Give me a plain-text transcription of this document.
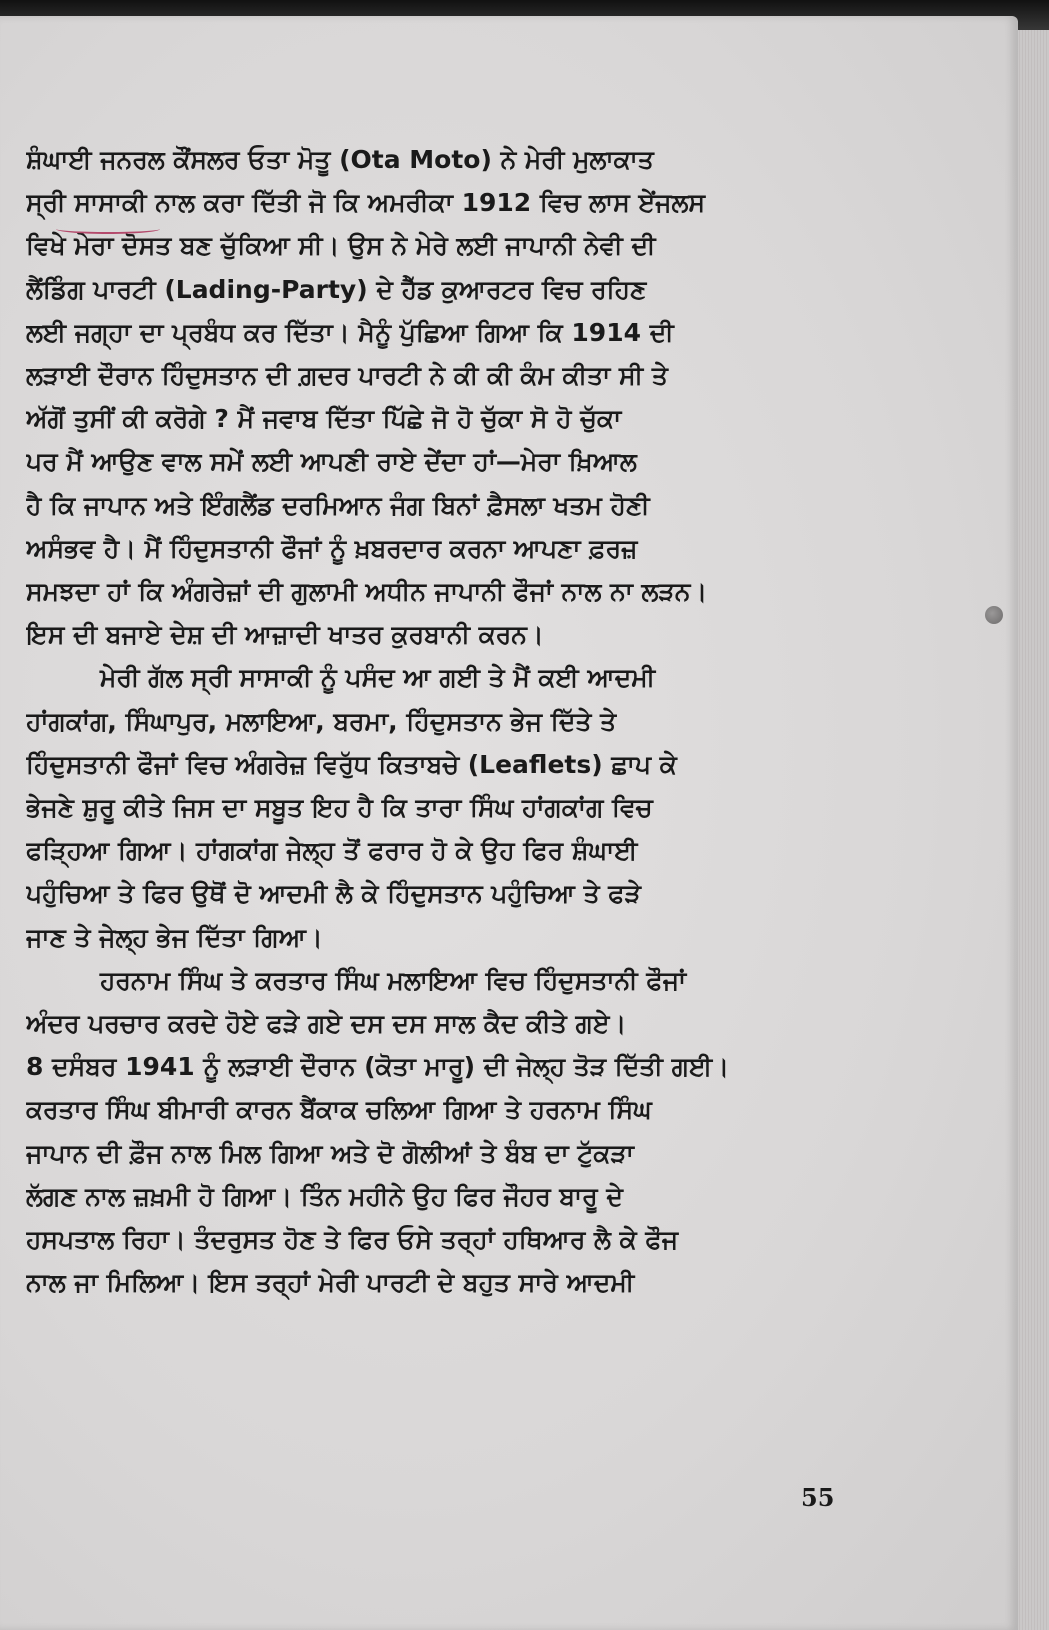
ਸ਼ੰਘਾਈ ਜਨਰਲ ਕੌਂਸਲਰ ਓਤਾ ਮੋਤੂ (Ota Moto) ਨੇ ਮੇਰੀ ਮੁਲਾਕਾਤ
ਸ੍ਰੀ ਸਾਸਾਕੀ ਨਾਲ ਕਰਾ ਦਿੱਤੀ ਜੋ ਕਿ ਅਮਰੀਕਾ 1912 ਵਿਚ ਲਾਸ ਏਂਜਲਸ
ਵਿਖੇ ਮੇਰਾ ਦੋਸਤ ਬਣ ਚੁੱਕਿਆ ਸੀ। ਉਸ ਨੇ ਮੇਰੇ ਲਈ ਜਾਪਾਨੀ ਨੇਵੀ ਦੀ
ਲੈਂਡਿੰਗ ਪਾਰਟੀ (Lading-Party) ਦੇ ਹੈੱਡ ਕੁਆਰਟਰ ਵਿਚ ਰਹਿਣ
ਲਈ ਜਗ੍ਹਾ ਦਾ ਪ੍ਰਬੰਧ ਕਰ ਦਿੱਤਾ। ਮੈਨੂੰ ਪੁੱਛਿਆ ਗਿਆ ਕਿ 1914 ਦੀ
ਲੜਾਈ ਦੌਰਾਨ ਹਿੰਦੁਸਤਾਨ ਦੀ ਗ਼ਦਰ ਪਾਰਟੀ ਨੇ ਕੀ ਕੀ ਕੰਮ ਕੀਤਾ ਸੀ ਤੇ
ਅੱਗੋਂ ਤੁਸੀਂ ਕੀ ਕਰੋਗੇ ? ਮੈਂ ਜਵਾਬ ਦਿੱਤਾ ਪਿੱਛੇ ਜੋ ਹੋ ਚੁੱਕਾ ਸੋ ਹੋ ਚੁੱਕਾ
ਪਰ ਮੈਂ ਆਉਣ ਵਾਲ ਸਮੇਂ ਲਈ ਆਪਣੀ ਰਾਏ ਦੇਂਦਾ ਹਾਂ—ਮੇਰਾ ਖ਼ਿਆਲ
ਹੈ ਕਿ ਜਾਪਾਨ ਅਤੇ ਇੰਗਲੈਂਡ ਦਰਮਿਆਨ ਜੰਗ ਬਿਨਾਂ ਫ਼ੈਸਲਾ ਖਤਮ ਹੋਣੀ
ਅਸੰਭਵ ਹੈ। ਮੈਂ ਹਿੰਦੁਸਤਾਨੀ ਫੌਜਾਂ ਨੂੰ ਖ਼ਬਰਦਾਰ ਕਰਨਾ ਆਪਣਾ ਫ਼ਰਜ਼
ਸਮਝਦਾ ਹਾਂ ਕਿ ਅੰਗਰੇਜ਼ਾਂ ਦੀ ਗੁਲਾਮੀ ਅਧੀਨ ਜਾਪਾਨੀ ਫੌਜਾਂ ਨਾਲ ਨਾ ਲੜਨ।
ਇਸ ਦੀ ਬਜਾਏ ਦੇਸ਼ ਦੀ ਆਜ਼ਾਦੀ ਖਾਤਰ ਕੁਰਬਾਨੀ ਕਰਨ।
ਮੇਰੀ ਗੱਲ ਸ੍ਰੀ ਸਾਸਾਕੀ ਨੂੰ ਪਸੰਦ ਆ ਗਈ ਤੇ ਮੈਂ ਕਈ ਆਦਮੀ
ਹਾਂਗਕਾਂਗ, ਸਿੰਘਾਪੁਰ, ਮਲਾਇਆ, ਬਰਮਾ, ਹਿੰਦੁਸਤਾਨ ਭੇਜ ਦਿੱਤੇ ਤੇ
ਹਿੰਦੁਸਤਾਨੀ ਫੌਜਾਂ ਵਿਚ ਅੰਗਰੇਜ਼ ਵਿਰੁੱਧ ਕਿਤਾਬਚੇ (Leaflets) ਛਾਪ ਕੇ
ਭੇਜਣੇ ਸ਼ੁਰੂ ਕੀਤੇ ਜਿਸ ਦਾ ਸਬੂਤ ਇਹ ਹੈ ਕਿ ਤਾਰਾ ਸਿੰਘ ਹਾਂਗਕਾਂਗ ਵਿਚ
ਫੜ੍ਹਿਆ ਗਿਆ। ਹਾਂਗਕਾਂਗ ਜੇਲ੍ਹ ਤੋਂ ਫਰਾਰ ਹੋ ਕੇ ਉਹ ਫਿਰ ਸ਼ੰਘਾਈ
ਪਹੁੰਚਿਆ ਤੇ ਫਿਰ ਉਥੋਂ ਦੋ ਆਦਮੀ ਲੈ ਕੇ ਹਿੰਦੁਸਤਾਨ ਪਹੁੰਚਿਆ ਤੇ ਫੜੇ
ਜਾਣ ਤੇ ਜੇਲ੍ਹ ਭੇਜ ਦਿੱਤਾ ਗਿਆ।
ਹਰਨਾਮ ਸਿੰਘ ਤੇ ਕਰਤਾਰ ਸਿੰਘ ਮਲਾਇਆ ਵਿਚ ਹਿੰਦੁਸਤਾਨੀ ਫੌਜਾਂ
ਅੰਦਰ ਪਰਚਾਰ ਕਰਦੇ ਹੋਏ ਫੜੇ ਗਏ ਦਸ ਦਸ ਸਾਲ ਕੈਦ ਕੀਤੇ ਗਏ।
8 ਦਸੰਬਰ 1941 ਨੂੰ ਲੜਾਈ ਦੌਰਾਨ (ਕੋਤਾ ਮਾਰੂ) ਦੀ ਜੇਲ੍ਹ ਤੋੜ ਦਿੱਤੀ ਗਈ।
ਕਰਤਾਰ ਸਿੰਘ ਬੀਮਾਰੀ ਕਾਰਨ ਬੈਂਕਾਕ ਚਲਿਆ ਗਿਆ ਤੇ ਹਰਨਾਮ ਸਿੰਘ
ਜਾਪਾਨ ਦੀ ਫ਼ੌਜ ਨਾਲ ਮਿਲ ਗਿਆ ਅਤੇ ਦੋ ਗੋਲੀਆਂ ਤੇ ਬੰਬ ਦਾ ਟੁੱਕੜਾ
ਲੱਗਣ ਨਾਲ ਜ਼ਖ਼ਮੀ ਹੋ ਗਿਆ। ਤਿੰਨ ਮਹੀਨੇ ਉਹ ਫਿਰ ਜੌਹਰ ਬਾਰੂ ਦੇ
ਹਸਪਤਾਲ ਰਿਹਾ। ਤੰਦਰੁਸਤ ਹੋਣ ਤੇ ਫਿਰ ਓਸੇ ਤਰ੍ਹਾਂ ਹਥਿਆਰ ਲੈ ਕੇ ਫੌਜ
ਨਾਲ ਜਾ ਮਿਲਿਆ। ਇਸ ਤਰ੍ਹਾਂ ਮੇਰੀ ਪਾਰਟੀ ਦੇ ਬਹੁਤ ਸਾਰੇ ਆਦਮੀ
55
